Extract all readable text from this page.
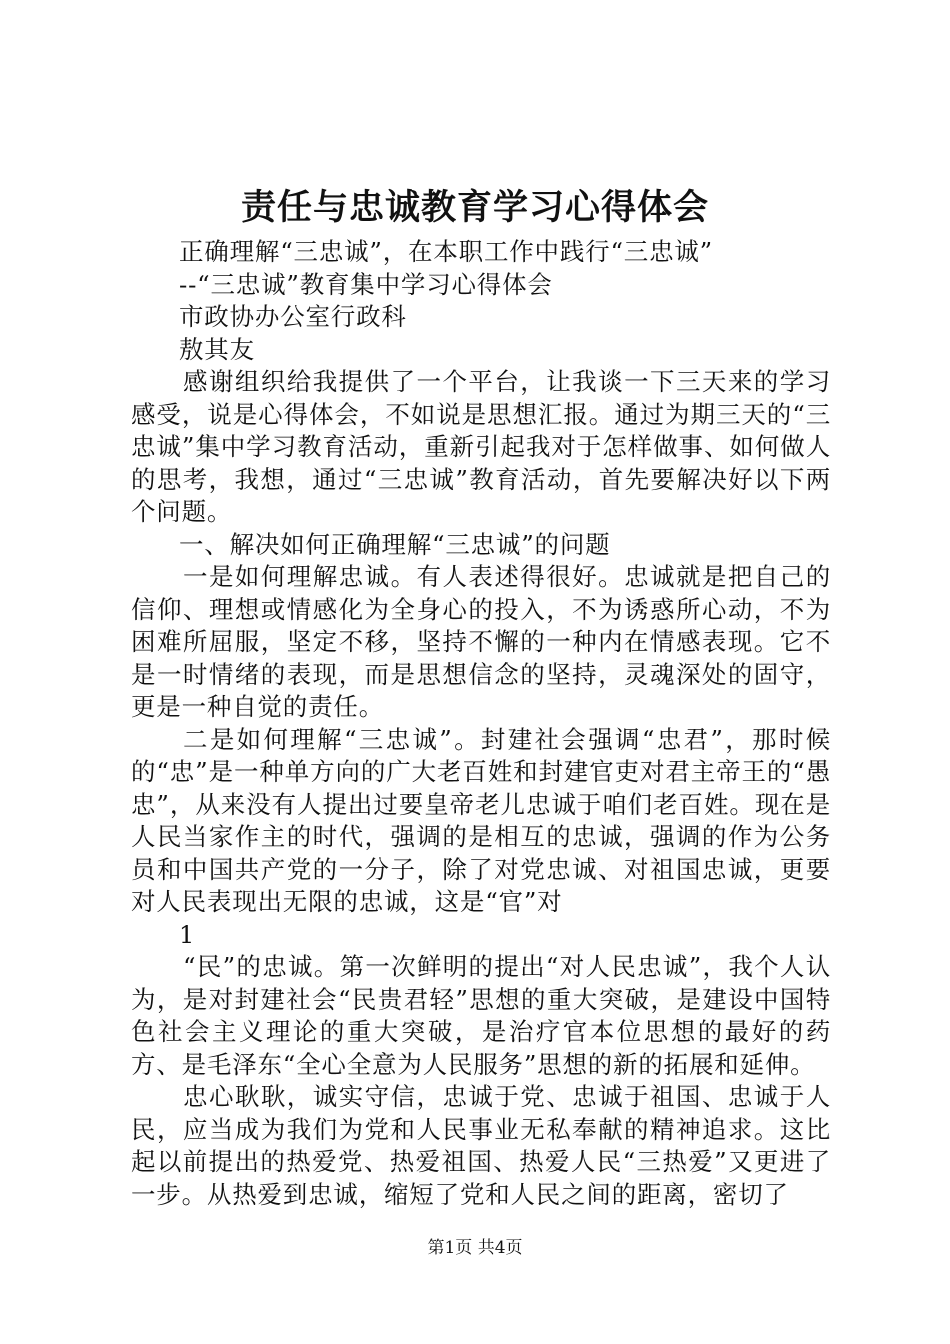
责任与忠诚教育学习心得体会
正确理解“三忠诚”，在本职工作中践行“三忠诚”
--“三忠诚”教育集中学习心得体会
市政协办公室行政科
敖其友
感谢组织给我提供了一个平台，让我谈一下三天来的学习感受，说是心得体会，不如说是思想汇报。通过为期三天的“三忠诚”集中学习教育活动，重新引起我对于怎样做事、如何做人的思考，我想，通过“三忠诚”教育活动，首先要解决好以下两个问题。
一、解决如何正确理解“三忠诚”的问题
一是如何理解忠诚。有人表述得很好。忠诚就是把自己的信仰、理想或情感化为全身心的投入，不为诱惑所心动，不为困难所屈服，坚定不移，坚持不懈的一种内在情感表现。它不是一时情绪的表现，而是思想信念的坚持，灵魂深处的固守，更是一种自觉的责任。
二是如何理解“三忠诚”。封建社会强调“忠君”，那时候的“忠”是一种单方向的广大老百姓和封建官吏对君主帝王的“愚忠”，从来没有人提出过要皇帝老儿忠诚于咱们老百姓。现在是人民当家作主的时代，强调的是相互的忠诚，强调的作为公务员和中国共产党的一分子，除了对党忠诚、对祖国忠诚，更要对人民表现出无限的忠诚，这是“官”对
1
“民”的忠诚。第一次鲜明的提出“对人民忠诚”，我个人认为，是对封建社会“民贵君轻”思想的重大突破，是建设中国特色社会主义理论的重大突破，是治疗官本位思想的最好的药方、是毛泽东“全心全意为人民服务”思想的新的拓展和延伸。
忠心耿耿，诚实守信，忠诚于党、忠诚于祖国、忠诚于人民，应当成为我们为党和人民事业无私奉献的精神追求。这比起以前提出的热爱党、热爱祖国、热爱人民“三热爱”又更进了一步。从热爱到忠诚，缩短了党和人民之间的距离，密切了
第1页 共4页
